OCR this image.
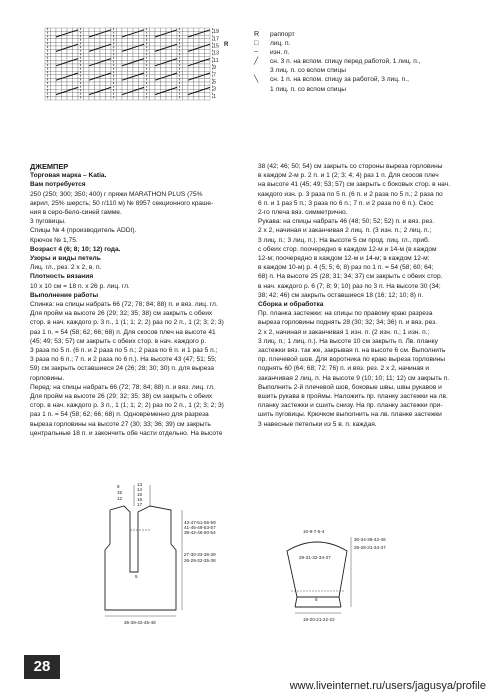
19
17
15
13
11
9
7
5
3
1
R
R раппорт
□ лиц. п.
− изн. п.
╱ сн. 3 п. на вспом. спицу перед работой, 1 лиц. п.,
3 лиц. п. со вспом спицы
╲ сн. 1 п. на вспом. спицу за работой, 3 лиц. п.,
1 лиц. п. со вспом спицы

ДЖЕМПЕР

Торговая марка – Katia.

Вам потребуется

250 (250; 300; 350; 400) г пряжи MARATHON PLUS (75%

акрил, 25% шерсть; 50 г/110 м) № 8957 секционного краше-

ния в серо-бело-синей гамме.

3 пуговицы.

Спицы № 4 (производитель ADDI).

Крючок № 1,75.

Возраст 4 (6; 8; 10; 12) года.

Узоры и виды петель

Лиц. гл., рез. 2 х 2, в. п.

Плотность вязания

10 х 10 см = 18 п. х 26 р. лиц. гл.

Выполнение работы

Спинка: на спицы набрать 66 (72; 78; 84; 88) п. и вяз. лиц. гл.

Для пройм на высоте 26 (29; 32; 35; 38) см закрыть с обеих

стор. в нач. каждого р. 3 п., 1 (1; 1; 2; 2) раз по 2 п., 1 (2; 3; 2; 3)

раз 1 п. = 54 (58; 62; 66; 68) п. Для скосов плеч на высоте 41

(45; 49; 53; 57) см закрыть с обеих стор. в нач. каждого р.

3 раза по 5 п. (6 п. и 2 раза по 5 п.; 2 раза по 6 п. и 1 раз 5 п.;

3 раза по 6 п.; 7 п. и 2 раза по 6 п.). На высоте 43 (47; 51; 55;

59) см закрыть оставшиеся 24 (26; 28; 30; 30) п. для выреза

горловины.

Перед: на спицы набрать 66 (72; 78; 84; 88) п. и вяз. лиц. гл.

Для пройм на высоте 26 (29; 32; 35; 38) см закрыть с обеих

стор. в нач. каждого р. 3 п., 1 (1; 1; 2; 2) раз по 2 п., 1 (2; 3; 2; 3)

раз 1 п. = 54 (58; 62; 66; 68) п. Одновременно для разреза

выреза горловины на высоте 27 (30; 33; 36; 39) см закрыть

центральные 18 п. и закончить обе части отдельно. На высоте

38 (42; 46; 50; 54) см закрыть со стороны выреза горловины

в каждом 2-м р. 2 п. и 1 (2; 3; 4; 4) раз 1 п. Для скосов плеч

на высоте 41 (45; 49; 53; 57) см закрыть с боковых стор. в нач.

каждого изн. р. 3 раза по 5 п. (6 п. и 2 раза по 5 п.; 2 раза по

6 п. и 1 раз 5 п.; 3 раза по 6 п.; 7 п. и 2 раза по 6 п.). Скос

2-го плеча вяз. симметрично.

Рукава: на спицы набрать 46 (48; 50; 52; 52) п. и вяз. рез.

2 х 2, начиная и заканчивая 2 лиц. п. (3 изн. п.; 2 лиц. п.;

3 лиц. п.; 3 лиц. п.). На высоте 5 см прод. лиц. гл., приб.

с обеих стор. поочередно в каждом 12-м и 14-м (в каждом

12-м; поочередно в каждом 12-м и 14-м; в каждом 12-м;

в каждом 10-м) р. 4 (5; 5; 6; 8) раз по 1 п. = 54 (58; 60; 64;

68) п. На высоте 25 (28; 31; 34; 37) см закрыть с обеих стор.

в нач. каждого р. 6 (7; 8; 9; 10) раз по 3 п. На высоте 30 (34;

38; 42; 46) см закрыть оставшиеся 18 (16; 12; 10; 8) п.

Сборка и обработка

Пр. планка застежки: на спицы по правому краю разреза

выреза горловины поднять 28 (30; 32; 34; 36) п. и вяз. рез.

2 х 2, начиная и заканчивая 1 изн. п. (2 изн. п.; 1 изн. п.;

3 лиц. п.; 1 лиц. п.). На высоте 10 см закрыть п. Лв. планку

застежки вяз. так же, закрывая п. на высоте 6 см. Выполнить

пр. плечевой шов. Для воротника по краю выреза горловины

поднять 60 (64; 68; 72; 76) п. и вяз. рез. 2 х 2, начиная и

заканчивая 2 лиц. п. На высоте 9 (10; 10; 11; 12) см закрыть п.

Выполнить 2-й плечевой шов, боковые швы, швы рукавов и

вшить рукава в проймы. Наложить пр. планку застежки на лв.

планку застежки и сшить снизу. На пр. планку застежки при-

шить пуговицы. Крючком выполнить на лв. планке застежки

3 навесные петельки из 5 в. п. каждая.

8
15
12
13
14
15
16
17
43-47-51-55-59
41-45-49-53-57
38-42-46-50-54
27-30-33-36-39
26-29-32-35-38
5
36-39-42-45-48
10-9-7-5-4
30-34-38-42-46
25-28-31-34-37
29-31-32-34-37
5
19-20-21-22-22
28
www.liveinternet.ru/users/jagusya/profile
